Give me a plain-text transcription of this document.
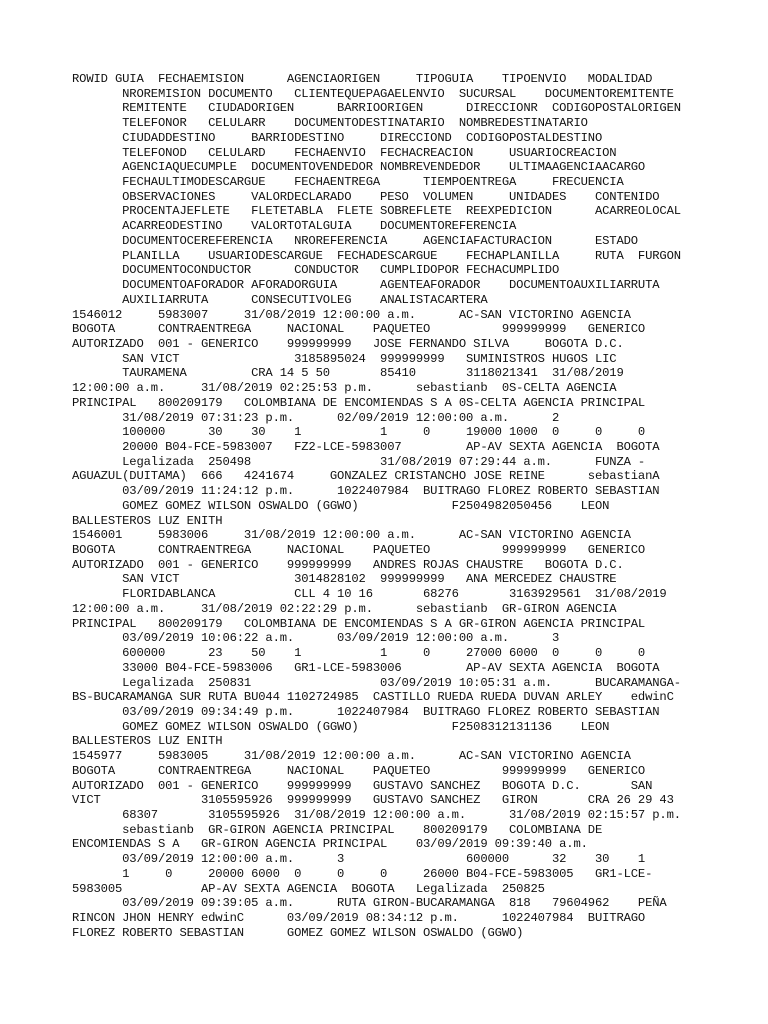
ROWID GUIA  FECHAEMISION      AGENCIAORIGEN     TIPOGUIA    TIPOENVIO   MODALIDAD
NROREMISION DOCUMENTO   CLIENTEQUEPAGAELENVIO  SUCURSAL    DOCUMENTOREMITENTE
REMITENTE   CIUDADORIGEN      BARRIOORIGEN      DIRECCIONR  CODIGOPOSTALORIGEN
TELEFONOR   CELULARR    DOCUMENTODESTINATARIO  NOMBREDESTINATARIO
CIUDADDESTINO     BARRIODESTINO     DIRECCIOND  CODIGOPOSTALDESTINO
TELEFONOD   CELULARD    FECHAENVIO  FECHACREACION     USUARIOCREACION
AGENCIAQUECUMPLE  DOCUMENTOVENDEDOR NOMBREVENDEDOR    ULTIMAAGENCIAACARGO
FECHAULTIMODESCARGUE    FECHAENTREGA      TIEMPOENTREGA     FRECUENCIA
OBSERVACIONES     VALORDECLARADO    PESO  VOLUMEN     UNIDADES    CONTENIDO
PROCENTAJEFLETE   FLETETABLA  FLETE SOBREFLETE  REEXPEDICION      ACARREOLOCAL
ACARREODESTINO    VALORTOTALGUIA    DOCUMENTOREFERENCIA
DOCUMENTOCEREFERENCIA   NROREFERENCIA     AGENCIAFACTURACION      ESTADO
PLANILLA    USUARIODESCARGUE  FECHADESCARGUE    FECHAPLANILLA     RUTA  FURGON
DOCUMENTOCONDUCTOR      CONDUCTOR   CUMPLIDOPOR FECHACUMPLIDO
DOCUMENTOAFORADOR AFORADORGUIA      AGENTEAFORADOR    DOCUMENTOAUXILIARRUTA
AUXILIARRUTA      CONSECUTIVOLEG    ANALISTACARTERA
1546012     5983007     31/08/2019 12:00:00 a.m.      AC-SAN VICTORINO AGENCIA
BOGOTA      CONTRAENTREGA     NACIONAL    PAQUETEO          999999999   GENERICO
AUTORIZADO  001 - GENERICO    999999999   JOSE FERNANDO SILVA     BOGOTA D.C.
SAN VICT                3185895024  999999999   SUMINISTROS HUGOS LIC
TAURAMENA         CRA 14 5 50       85410       3118021341  31/08/2019
12:00:00 a.m.     31/08/2019 02:25:53 p.m.      sebastianb  0S-CELTA AGENCIA
PRINCIPAL   800209179   COLOMBIANA DE ENCOMIENDAS S A 0S-CELTA AGENCIA PRINCIPAL
31/08/2019 07:31:23 p.m.      02/09/2019 12:00:00 a.m.      2
100000      30    30    1           1     0     19000 1000  0     0     0
20000 B04-FCE-5983007   FZ2-LCE-5983007         AP-AV SEXTA AGENCIA  BOGOTA
Legalizada  250498                  31/08/2019 07:29:44 a.m.      FUNZA -
AGUAZUL(DUITAMA)  666   4241674     GONZALEZ CRISTANCHO JOSE REINE      sebastianA
03/09/2019 11:24:12 p.m.      1022407984  BUITRAGO FLOREZ ROBERTO SEBASTIAN
GOMEZ GOMEZ WILSON OSWALDO (GGWO)             F2504982050456    LEON
BALLESTEROS LUZ ENITH
1546001     5983006     31/08/2019 12:00:00 a.m.      AC-SAN VICTORINO AGENCIA
BOGOTA      CONTRAENTREGA     NACIONAL    PAQUETEO          999999999   GENERICO
AUTORIZADO  001 - GENERICO    999999999   ANDRES ROJAS CHAUSTRE   BOGOTA D.C.
SAN VICT                3014828102  999999999   ANA MERCEDEZ CHAUSTRE
FLORIDABLANCA           CLL 4 10 16       68276       3163929561  31/08/2019
12:00:00 a.m.     31/08/2019 02:22:29 p.m.      sebastianb  GR-GIRON AGENCIA
PRINCIPAL   800209179   COLOMBIANA DE ENCOMIENDAS S A GR-GIRON AGENCIA PRINCIPAL
03/09/2019 10:06:22 a.m.      03/09/2019 12:00:00 a.m.      3
600000      23    50    1           1     0     27000 6000  0     0     0
33000 B04-FCE-5983006   GR1-LCE-5983006         AP-AV SEXTA AGENCIA  BOGOTA
Legalizada  250831                  03/09/2019 10:05:31 a.m.      BUCARAMANGA-
BS-BUCARAMANGA SUR RUTA BU044 1102724985  CASTILLO RUEDA RUEDA DUVAN ARLEY    edwinC
03/09/2019 09:34:49 p.m.      1022407984  BUITRAGO FLOREZ ROBERTO SEBASTIAN
GOMEZ GOMEZ WILSON OSWALDO (GGWO)             F2508312131136    LEON
BALLESTEROS LUZ ENITH
1545977     5983005     31/08/2019 12:00:00 a.m.      AC-SAN VICTORINO AGENCIA
BOGOTA      CONTRAENTREGA     NACIONAL    PAQUETEO          999999999   GENERICO
AUTORIZADO  001 - GENERICO    999999999   GUSTAVO SANCHEZ   BOGOTA D.C.       SAN
VICT              3105595926  999999999   GUSTAVO SANCHEZ   GIRON       CRA 26 29 43
68307       3105595926  31/08/2019 12:00:00 a.m.      31/08/2019 02:15:57 p.m.
sebastianb  GR-GIRON AGENCIA PRINCIPAL    800209179   COLOMBIANA DE
ENCOMIENDAS S A   GR-GIRON AGENCIA PRINCIPAL    03/09/2019 09:39:40 a.m.
03/09/2019 12:00:00 a.m.      3                 600000      32    30    1
1     0     20000 6000  0     0     0     26000 B04-FCE-5983005   GR1-LCE-
5983005           AP-AV SEXTA AGENCIA  BOGOTA   Legalizada  250825
03/09/2019 09:39:05 a.m.      RUTA GIRON-BUCARAMANGA  818   79604962    PEÑA
RINCON JHON HENRY edwinC      03/09/2019 08:34:12 p.m.      1022407984  BUITRAGO
FLOREZ ROBERTO SEBASTIAN      GOMEZ GOMEZ WILSON OSWALDO (GGWO)
